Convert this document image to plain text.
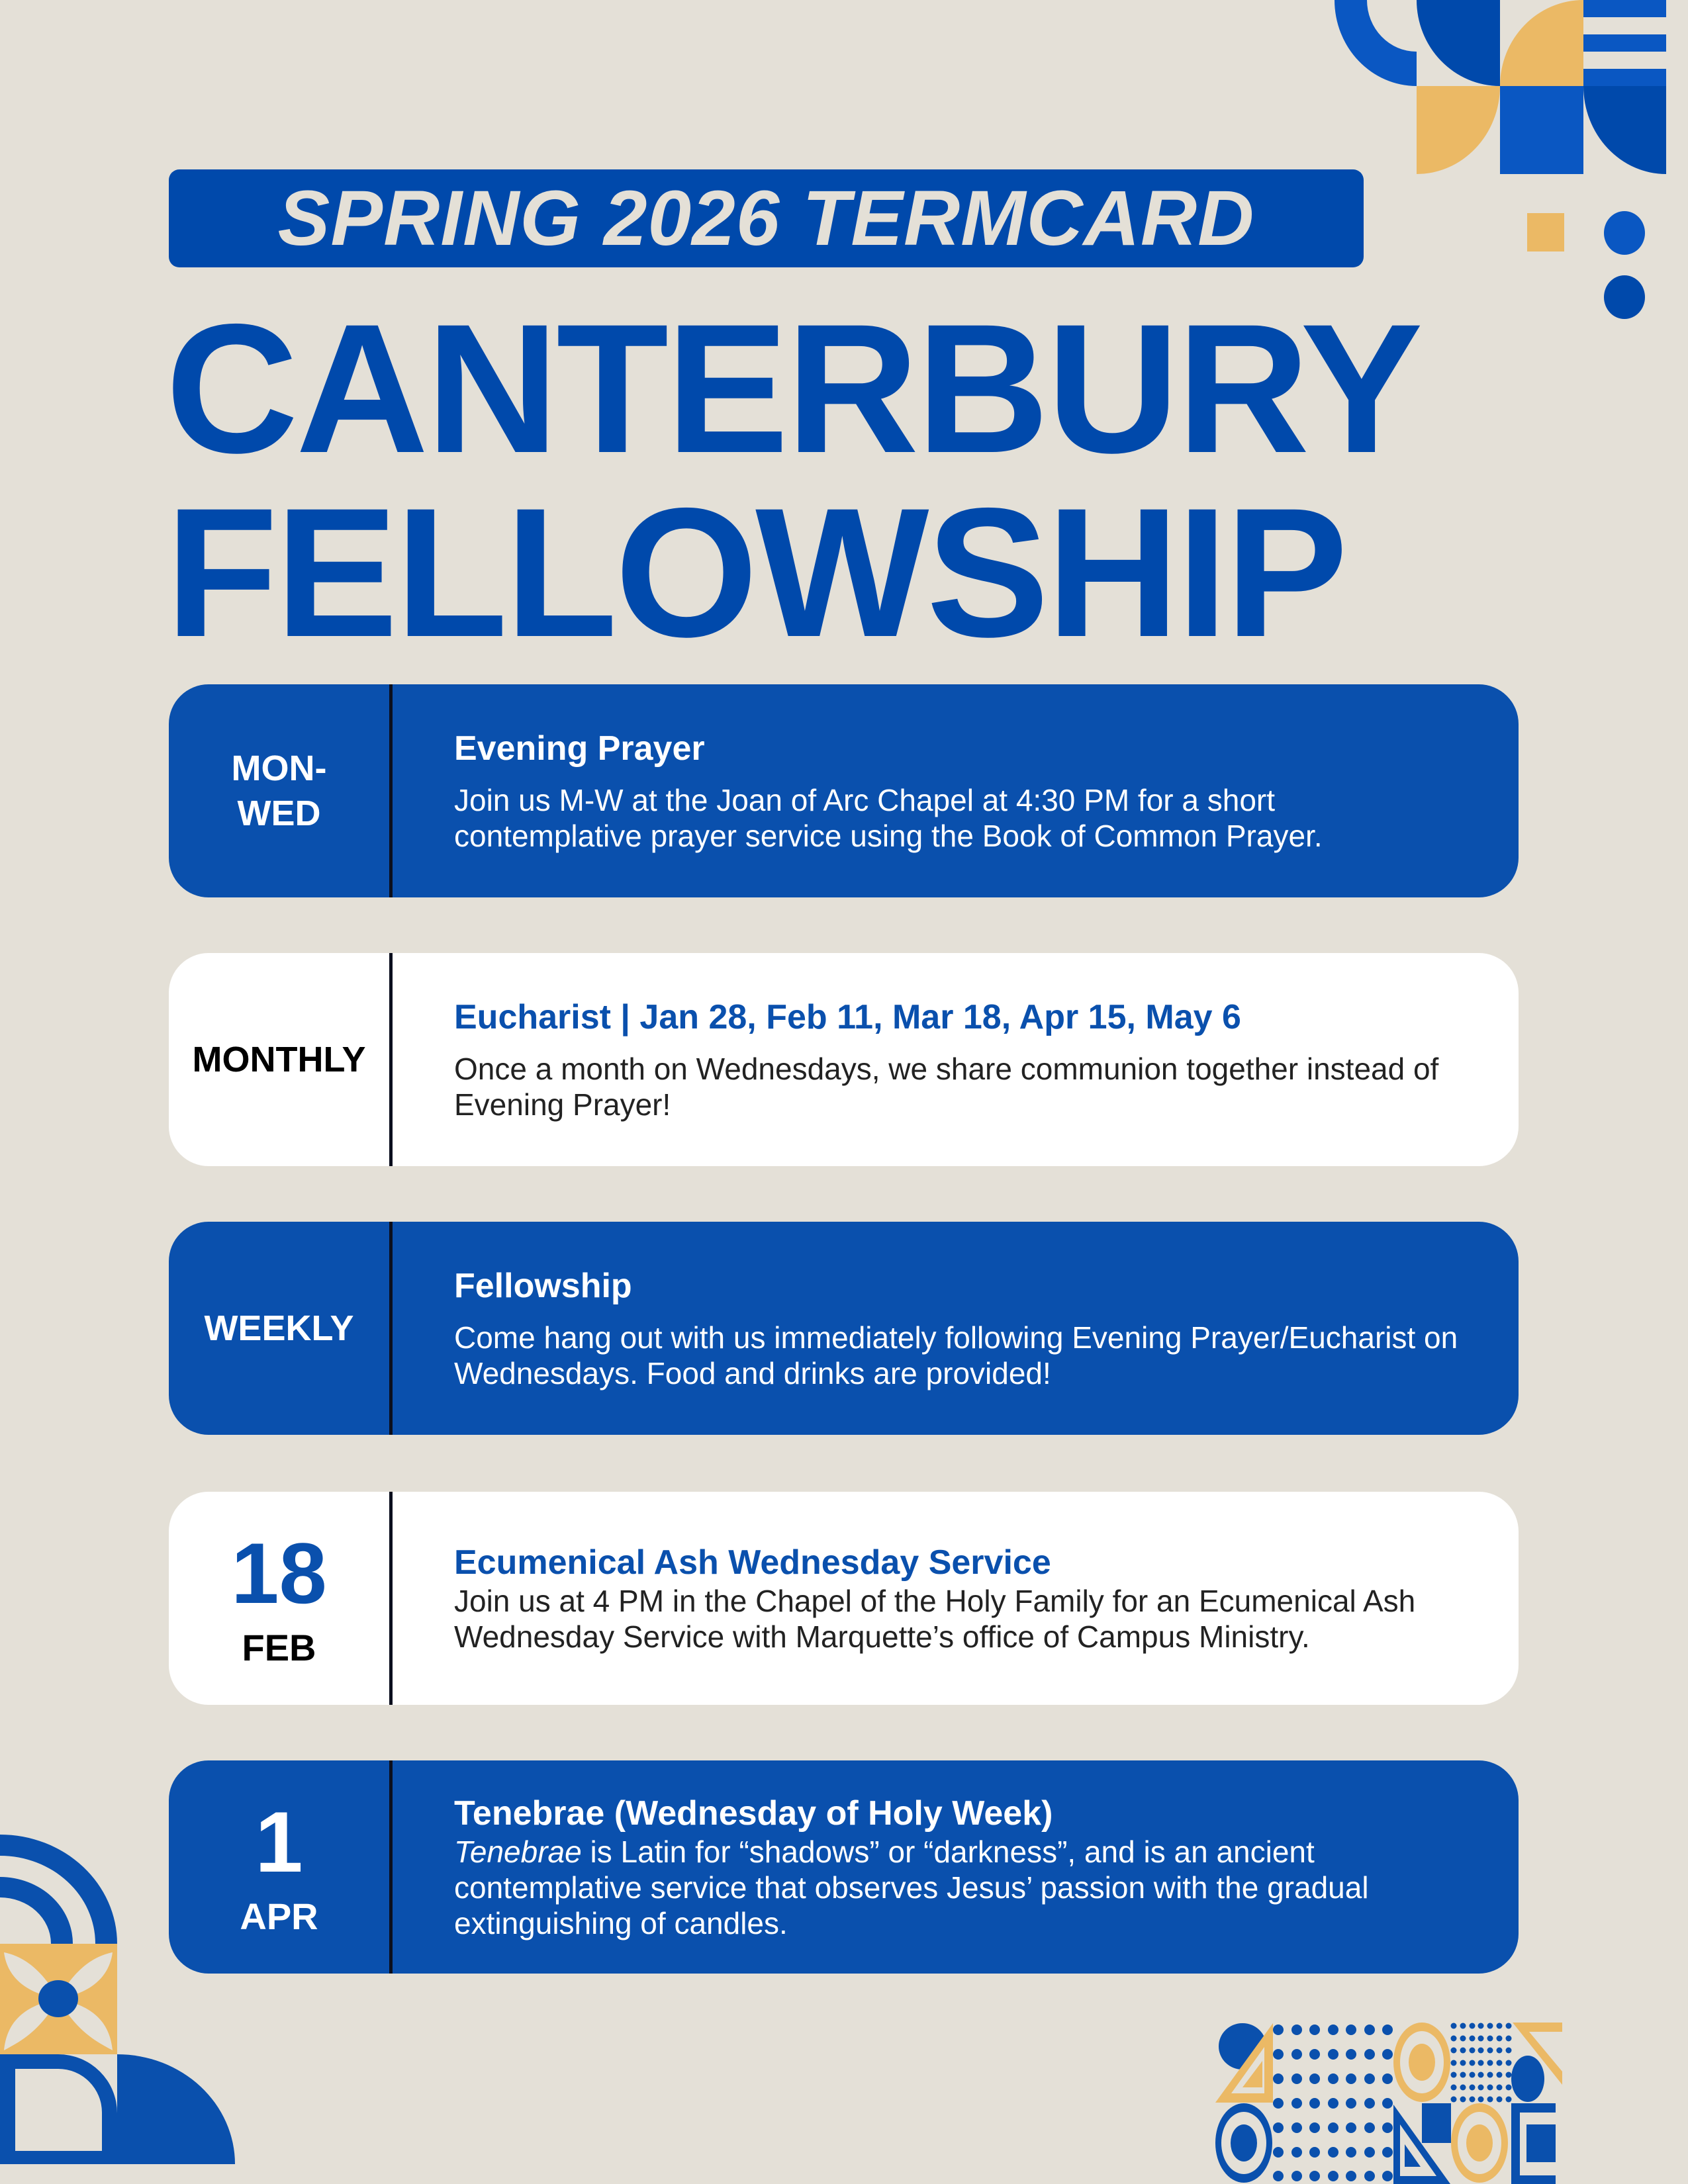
SPRING 2026 TERMCARD
CANTERBURY
FELLOWSHIP
MON-
WED
Evening Prayer
Join us M-W at the Joan of Arc Chapel at 4:30 PM for a short contemplative prayer service using the Book of Common Prayer.
MONTHLY
Eucharist | Jan 28, Feb 11, Mar 18, Apr 15, May 6
Once a month on Wednesdays, we share communion together instead of Evening Prayer!
WEEKLY
Fellowship
Come hang out with us immediately following Evening Prayer/Eucharist on Wednesdays. Food and drinks are provided!
18
FEB
Ecumenical Ash Wednesday Service
Join us at 4 PM in the Chapel of the Holy Family for an Ecumenical Ash Wednesday Service with Marquette’s office of Campus Ministry.
1
APR
Tenebrae (Wednesday of Holy Week)
Tenebrae is Latin for “shadows” or “darkness”, and is an ancient contemplative service that observes Jesus’ passion with the gradual extinguishing of candles.
